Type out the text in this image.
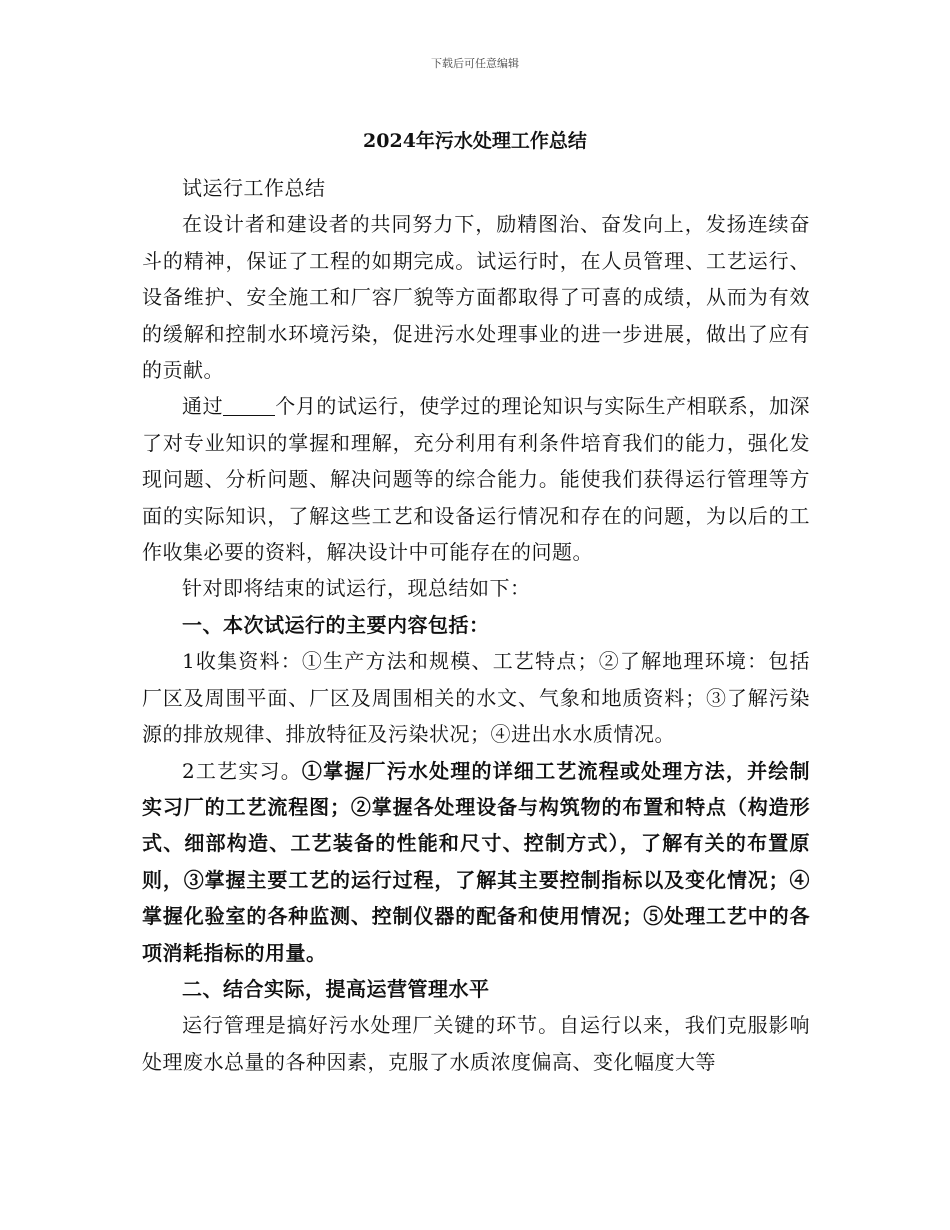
下载后可任意编辑
2024年污水处理工作总结

试运行工作总结

在设计者和建设者的共同努力下，励精图治、奋发向上，发扬连续奋斗的精神，保证了工程的如期完成。试运行时，在人员管理、工艺运行、设备维护、安全施工和厂容厂貌等方面都取得了可喜的成绩，从而为有效的缓解和控制水环境污染，促进污水处理事业的进一步进展，做出了应有的贡献。

通过	个月的试运行，使学过的理论知识与实际生产相联系，加深了对专业知识的掌握和理解，充分利用有利条件培育我们的能力，强化发现问题、分析问题、解决问题等的综合能力。能使我们获得运行管理等方面的实际知识，了解这些工艺和设备运行情况和存在的问题，为以后的工作收集必要的资料，解决设计中可能存在的问题。

针对即将结束的试运行，现总结如下：

一、本次试运行的主要内容包括：

1收集资料：①生产方法和规模、工艺特点；②了解地理环境：包括厂区及周围平面、厂区及周围相关的水文、气象和地质资料；③了解污染源的排放规律、排放特征及污染状况；④进出水水质情况。

2工艺实习。①掌握厂污水处理的详细工艺流程或处理方法，并绘制实习厂的工艺流程图；②掌握各处理设备与构筑物的布置和特点（构造形式、细部构造、工艺装备的性能和尺寸、控制方式），了解有关的布置原则，③掌握主要工艺的运行过程，了解其主要控制指标以及变化情况；④掌握化验室的各种监测、控制仪器的配备和使用情况；⑤处理工艺中的各项消耗指标的用量。

二、结合实际，提高运营管理水平

运行管理是搞好污水处理厂关键的环节。自运行以来，我们克服影响处理废水总量的各种因素，克服了水质浓度偏高、变化幅度大等
